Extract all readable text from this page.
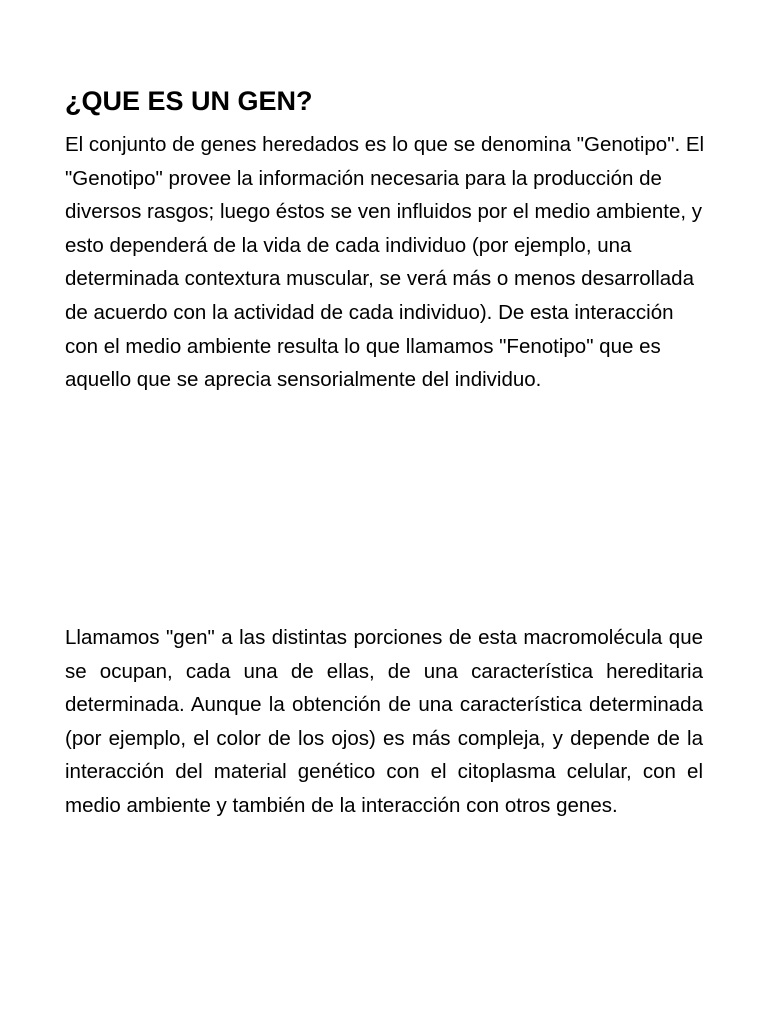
¿QUE ES UN GEN?

El conjunto de genes heredados es lo que se denomina "Genotipo". El "Genotipo" provee la información necesaria para la producción de diversos rasgos; luego éstos se ven influidos por el medio ambiente, y esto dependerá de la vida de cada individuo (por ejemplo, una determinada contextura muscular, se verá más o menos desarrollada de acuerdo con la actividad de cada individuo). De esta interacción con el medio ambiente resulta lo que llamamos "Fenotipo" que es aquello que se aprecia sensorialmente del individuo.

Llamamos "gen" a las distintas porciones de esta macromolécula que se ocupan, cada una de ellas, de una característica hereditaria determinada. Aunque la obtención de una característica determinada (por ejemplo, el color de los ojos) es más compleja, y depende de la interacción del material genético con el citoplasma celular, con el medio ambiente y también de la interacción con otros genes.
